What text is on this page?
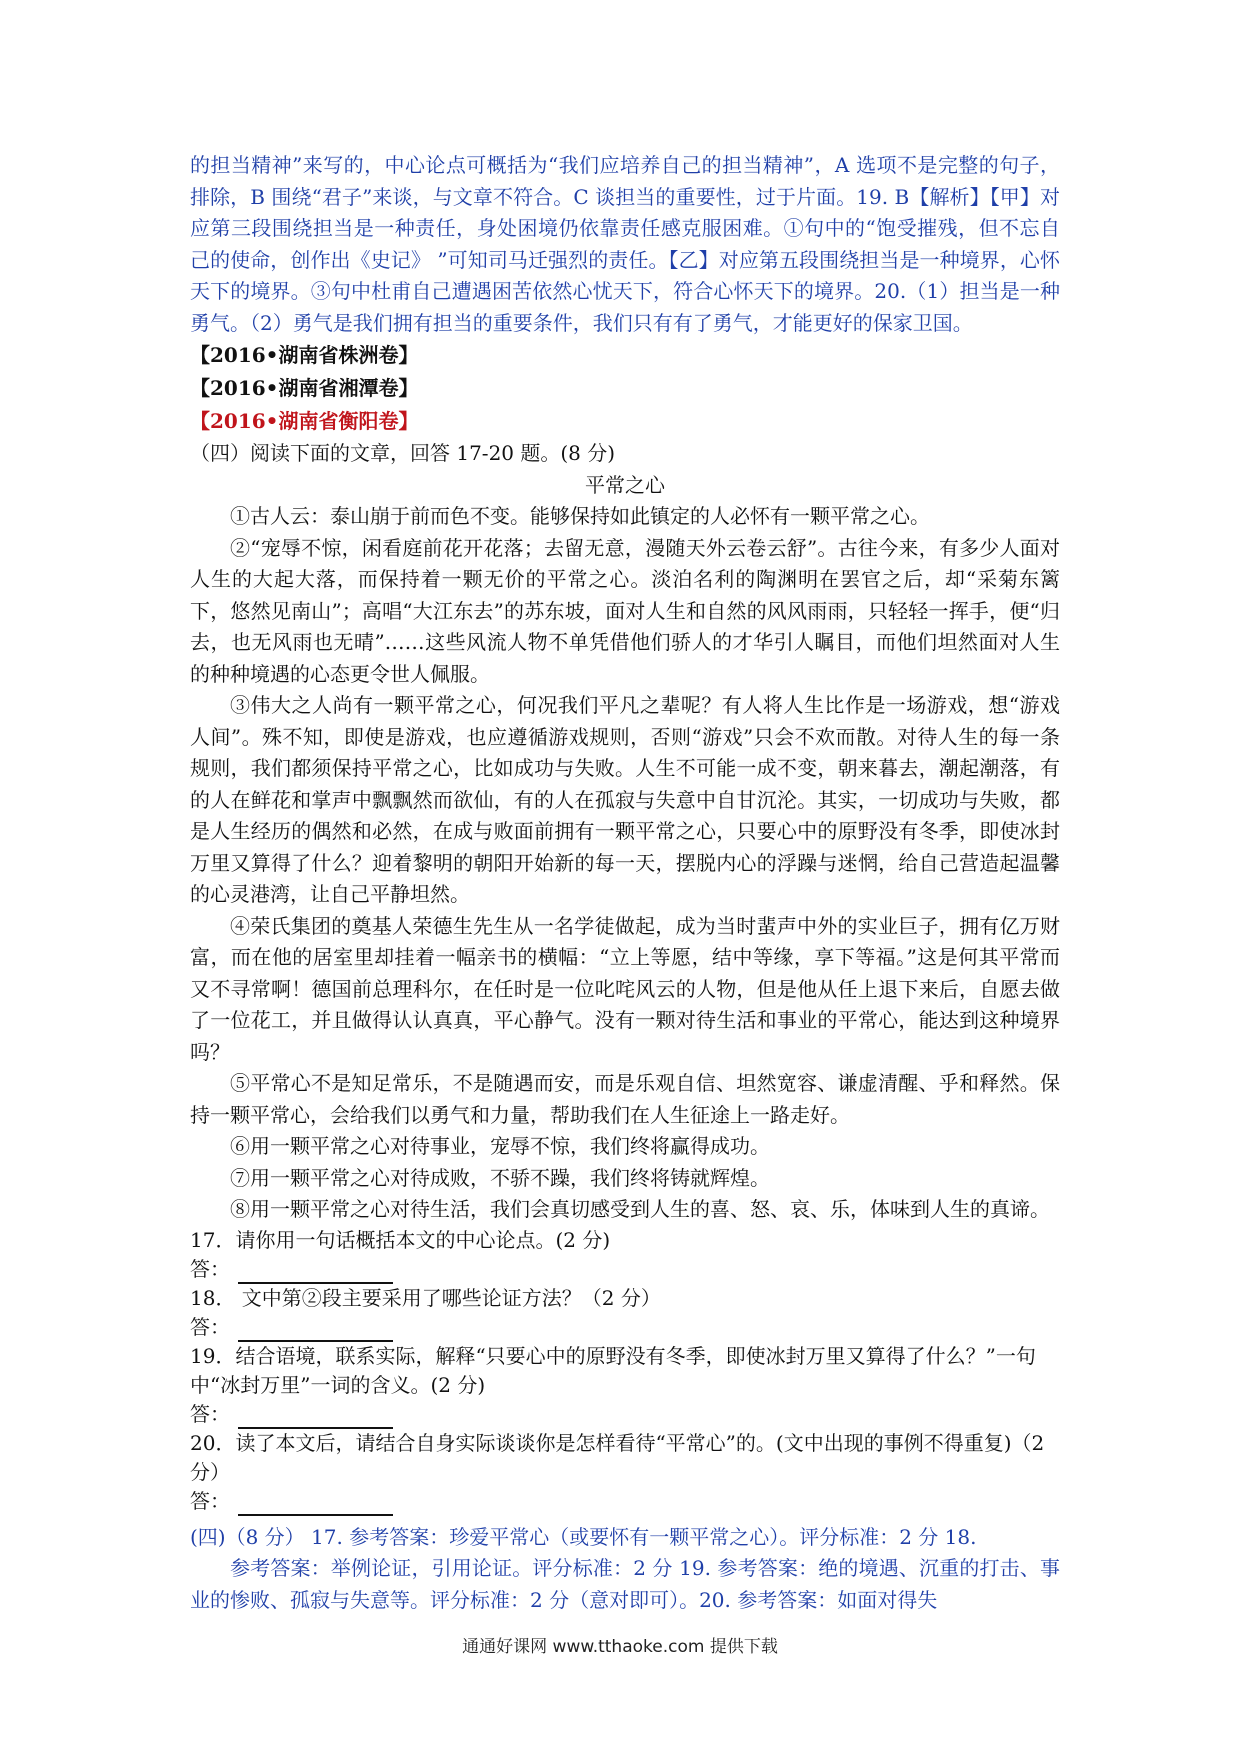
的担当精神”来写的，中心论点可概括为“我们应培养自己的担当精神”，A 选项不是完整的句子，排除，B 围绕“君子”来谈，与文章不符合。C 谈担当的重要性，过于片面。19. B【解析】【甲】对应第三段围绕担当是一种责任，身处困境仍依靠责任感克服困难。①句中的“饱受摧残，但不忘自己的使命，创作出《史记》 ”可知司马迁强烈的责任。【乙】对应第五段围绕担当是一种境界，心怀天下的境界。③句中杜甫自己遭遇困苦依然心忧天下，符合心怀天下的境界。20.（1）担当是一种勇气。（2）勇气是我们拥有担当的重要条件，我们只有有了勇气，才能更好的保家卫国。

【2016•湖南省株洲卷】

【2016•湖南省湘潭卷】

【2016•湖南省衡阳卷】

（四）阅读下面的文章，回答 17-20 题。(8 分)

平常之心

①古人云：泰山崩于前而色不变。能够保持如此镇定的人必怀有一颗平常之心。

②“宠辱不惊，闲看庭前花开花落；去留无意，漫随天外云卷云舒”。古往今来，有多少人面对人生的大起大落，而保持着一颗无价的平常之心。淡泊名利的陶渊明在罢官之后，却“采菊东篱下，悠然见南山”；高唱“大江东去”的苏东坡，面对人生和自然的风风雨雨，只轻轻一挥手，便“归去，也无风雨也无晴”……这些风流人物不单凭借他们骄人的才华引人瞩目，而他们坦然面对人生的种种境遇的心态更令世人佩服。

③伟大之人尚有一颗平常之心，何况我们平凡之辈呢？有人将人生比作是一场游戏，想“游戏人间”。殊不知，即使是游戏，也应遵循游戏规则，否则“游戏”只会不欢而散。对待人生的每一条规则，我们都须保持平常之心，比如成功与失败。人生不可能一成不变，朝来暮去，潮起潮落，有的人在鲜花和掌声中飘飘然而欲仙，有的人在孤寂与失意中自甘沉沦。其实，一切成功与失败，都是人生经历的偶然和必然，在成与败面前拥有一颗平常之心，只要心中的原野没有冬季，即使冰封万里又算得了什么？迎着黎明的朝阳开始新的每一天，摆脱内心的浮躁与迷惘，给自己营造起温馨的心灵港湾，让自己平静坦然。

④荣氏集团的奠基人荣德生先生从一名学徒做起，成为当时蜚声中外的实业巨子，拥有亿万财富，而在他的居室里却挂着一幅亲书的横幅：“立上等愿，结中等缘，享下等福。”这是何其平常而又不寻常啊！德国前总理科尔，在任时是一位叱咤风云的人物，但是他从任上退下来后，自愿去做了一位花工，并且做得认认真真，平心静气。没有一颗对待生活和事业的平常心，能达到这种境界吗？

⑤平常心不是知足常乐，不是随遇而安，而是乐观自信、坦然宽容、谦虚清醒、乎和释然。保持一颗平常心，会给我们以勇气和力量，帮助我们在人生征途上一路走好。

⑥用一颗平常之心对待事业，宠辱不惊，我们终将赢得成功。

⑦用一颗平常之心对待成败，不骄不躁，我们终将铸就辉煌。

⑧用一颗平常之心对待生活，我们会真切感受到人生的喜、怒、哀、乐，体味到人生的真谛。

17．请你用一句话概括本文的中心论点。(2 分)

答：

18． 文中第②段主要采用了哪些论证方法？（2 分）

答：

19．结合语境，联系实际，解释“只要心中的原野没有冬季，即使冰封万里又算得了什么？”一句中“冰封万里”一词的含义。(2 分)

答：

20．读了本文后，请结合自身实际谈谈你是怎样看待“平常心”的。(文中出现的事例不得重复)（2 分）

答：

(四)（8 分） 17. 参考答案：珍爱平常心（或要怀有一颗平常之心）。评分标准：2 分 18.

参考答案：举例论证，引用论证。评分标准：2 分 19. 参考答案：绝的境遇、沉重的打击、事业的惨败、孤寂与失意等。评分标准：2 分（意对即可）。20. 参考答案：如面对得失

通通好课网 www.tthaoke.com 提供下载
